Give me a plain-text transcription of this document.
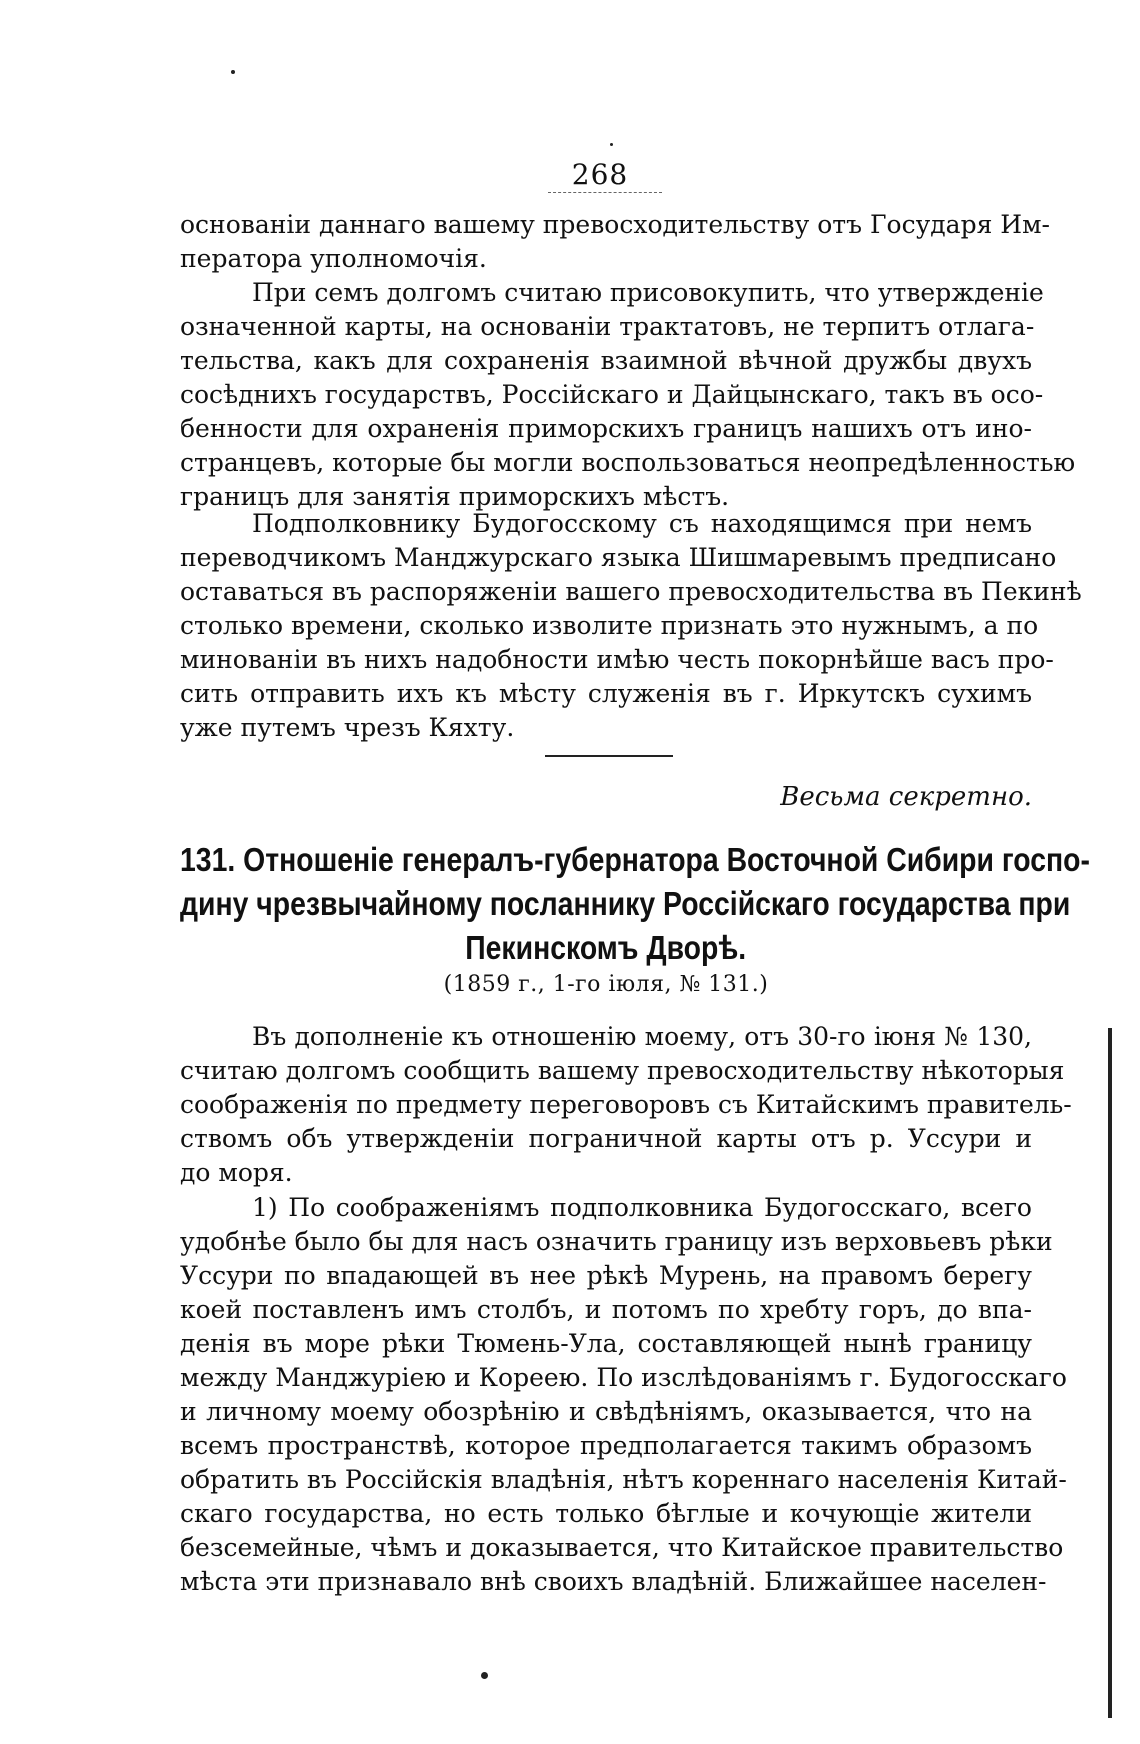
268
основаніи даннаго вашему превосходительству отъ Государя Им-
ператора уполномочія.
При семъ долгомъ считаю присовокупить, что утвержденіе
означенной карты, на основаніи трактатовъ, не терпитъ отлага-
тельства, какъ для сохраненія взаимной вѣчной дружбы двухъ
сосѣднихъ государствъ, Россійскаго и Дайцынскаго, такъ въ осо-
бенности для охраненія приморскихъ границъ нашихъ отъ ино-
странцевъ, которые бы могли воспользоваться неопредѣленностью
границъ для занятія приморскихъ мѣстъ.
Подполковнику Будогосскому съ находящимся при немъ
переводчикомъ Манджурскаго языка Шишмаревымъ предписано
оставаться въ распоряженіи вашего превосходительства въ Пекинѣ
столько времени, сколько изволите признать это нужнымъ, а по
минованіи въ нихъ надобности имѣю честь покорнѣйше васъ про-
сить отправить ихъ къ мѣсту служенія въ г. Иркутскъ сухимъ
уже путемъ чрезъ Кяхту.
Весьма секретно.
131. Отношеніе генералъ-губернатора Восточной Сибири госпо-
дину чрезвычайному посланнику Россійскаго государства при
Пекинскомъ Дворѣ.
(1859 г., 1-го іюля, № 131.)
Въ дополненіе къ отношенію моему, отъ 30-го іюня № 130,
считаю долгомъ сообщить вашему превосходительству нѣкоторыя
соображенія по предмету переговоровъ съ Китайскимъ правитель-
ствомъ объ утвержденіи пограничной карты отъ р. Уссури и
до моря.
1) По соображеніямъ подполковника Будогосскаго, всего
удобнѣе было бы для насъ означить границу изъ верховьевъ рѣки
Уссури по впадающей въ нее рѣкѣ Мурень, на правомъ берегу
коей поставленъ имъ столбъ, и потомъ по хребту горъ, до впа-
денія въ море рѣки Тюмень-Ула, составляющей нынѣ границу
между Манджуріею и Кореею. По изслѣдованіямъ г. Будогосскаго
и личному моему обозрѣнію и свѣдѣніямъ, оказывается, что на
всемъ пространствѣ, которое предполагается такимъ образомъ
обратить въ Россійскія владѣнія, нѣтъ кореннаго населенія Китай-
скаго государства, но есть только бѣглые и кочующіе жители
безсемейные, чѣмъ и доказывается, что Китайское правительство
мѣста эти признавало внѣ своихъ владѣній. Ближайшее населен-
